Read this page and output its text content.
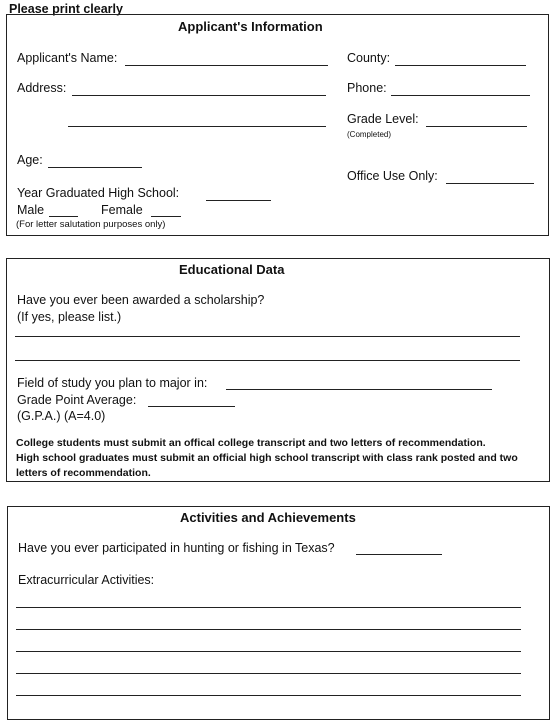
Please print clearly
Applicant's Information
Applicant's Name:	County:
Address:	Phone:
Grade Level:
(Completed)
Age:
Office Use Only:
Year Graduated High School:
Male	Female
(For letter salutation purposes only)
Educational Data
Have you ever been awarded a scholarship?
(If yes, please list.)
Field of study you plan to major in:
Grade Point Average:
(G.P.A.) (A=4.0)
College students must submit an offical college transcript and two letters of recommendation.
High school graduates must submit an official high school transcript with class rank posted and two letters of recommendation.
Activities and Achievements
Have you ever participated in hunting or fishing in Texas?
Extracurricular Activities:
